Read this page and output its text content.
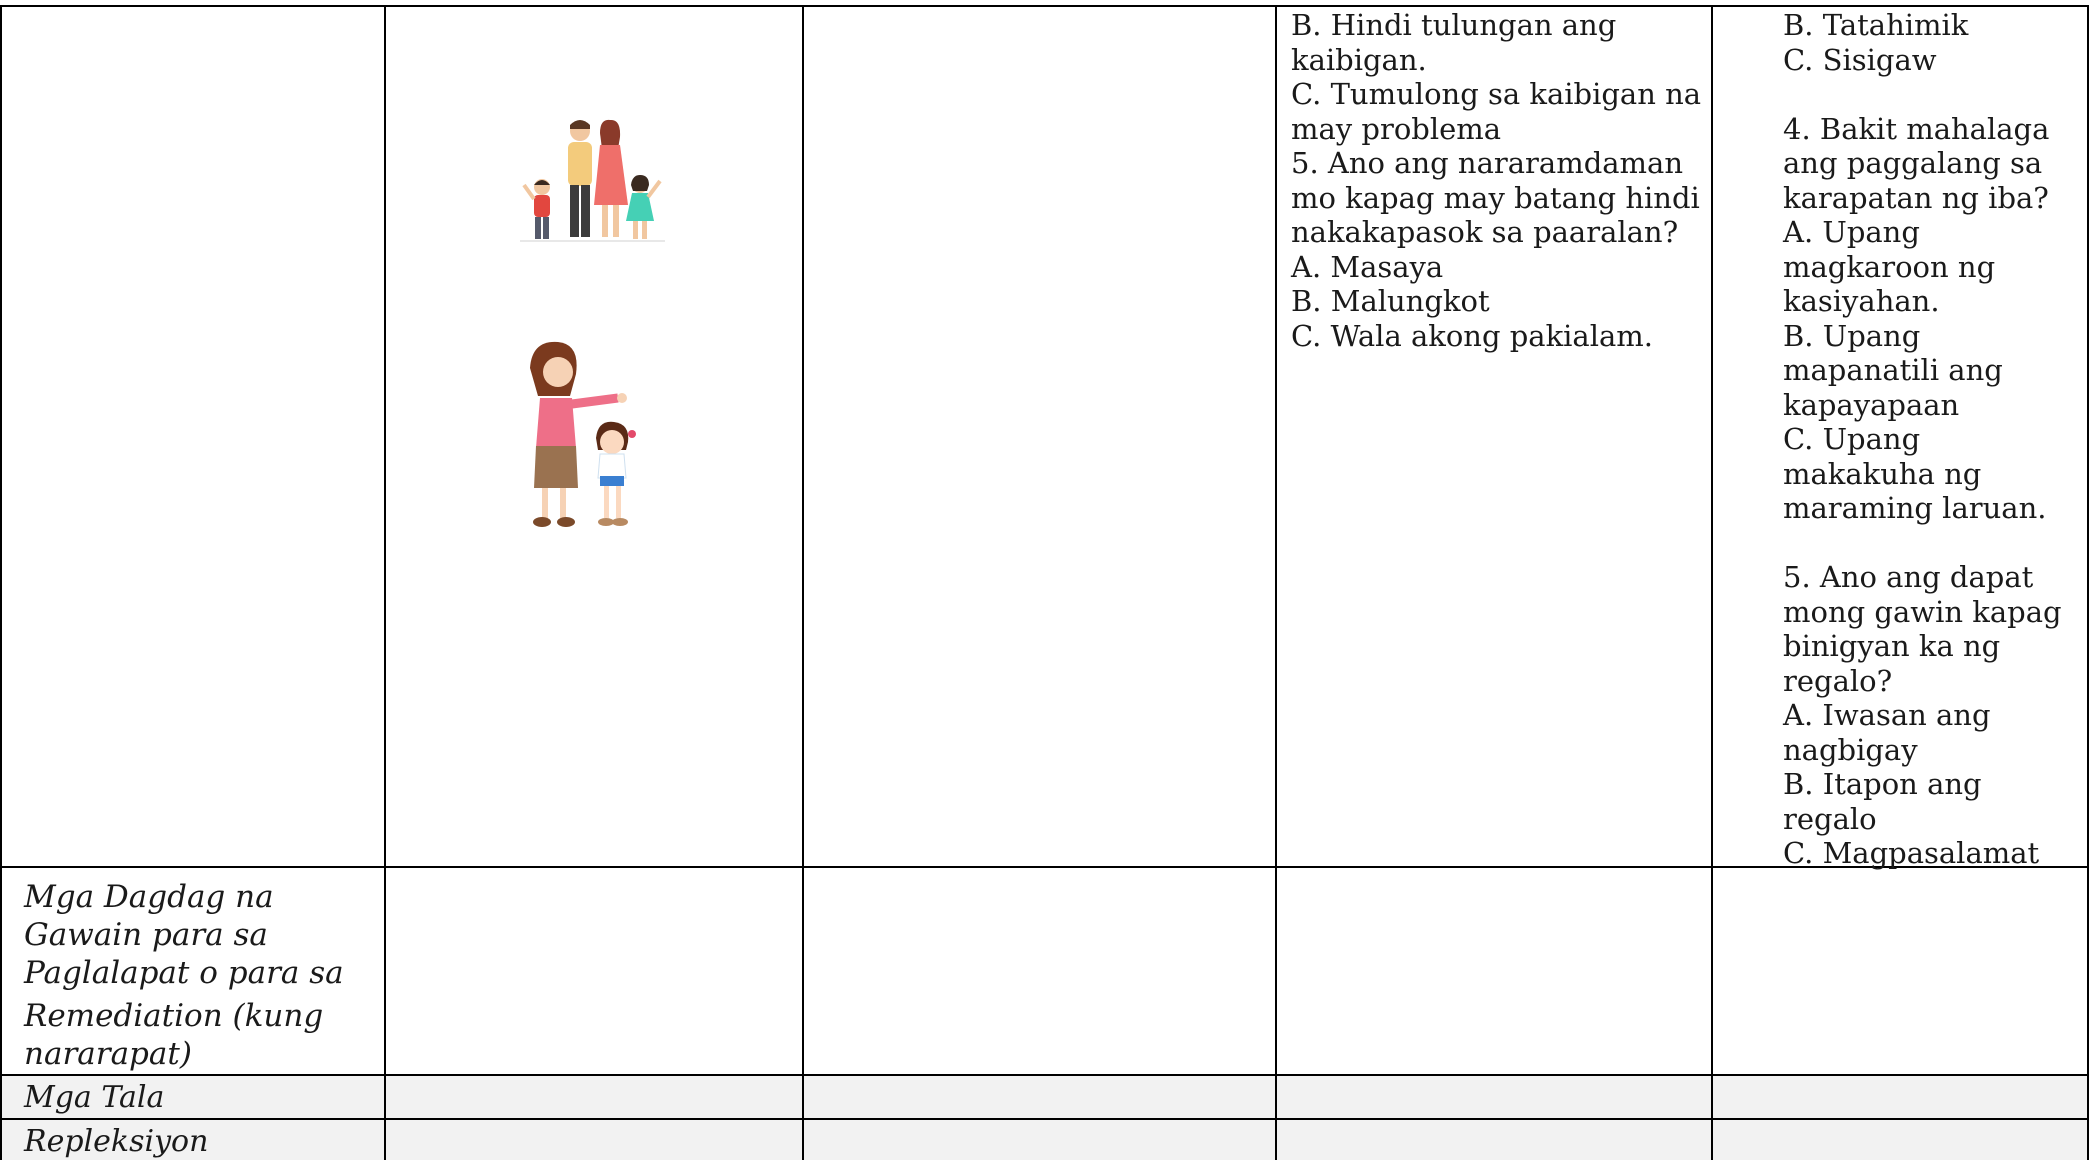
B. Hindi tulungan ang
kaibigan.
C. Tumulong sa kaibigan na
may problema
5. Ano ang nararamdaman
mo kapag may batang hindi
nakakapasok sa paaralan?
A. Masaya
B. Malungkot
C. Wala akong pakialam.
B. Tatahimik
C. Sisigaw

4. Bakit mahalaga
ang paggalang sa
karapatan ng iba?
A. Upang
magkaroon ng
kasiyahan.
B. Upang
mapanatili ang
kapayapaan
C. Upang
makakuha ng
maraming laruan.

5. Ano ang dapat
mong gawin kapag
binigyan ka ng
regalo?
A. Iwasan ang
nagbigay
B. Itapon ang
regalo
C. Magpasalamat
Mga Dagdag na
Gawain para sa
Paglalapat o para sa
Remediation (kung
nararapat)
Mga Tala
Repleksiyon
